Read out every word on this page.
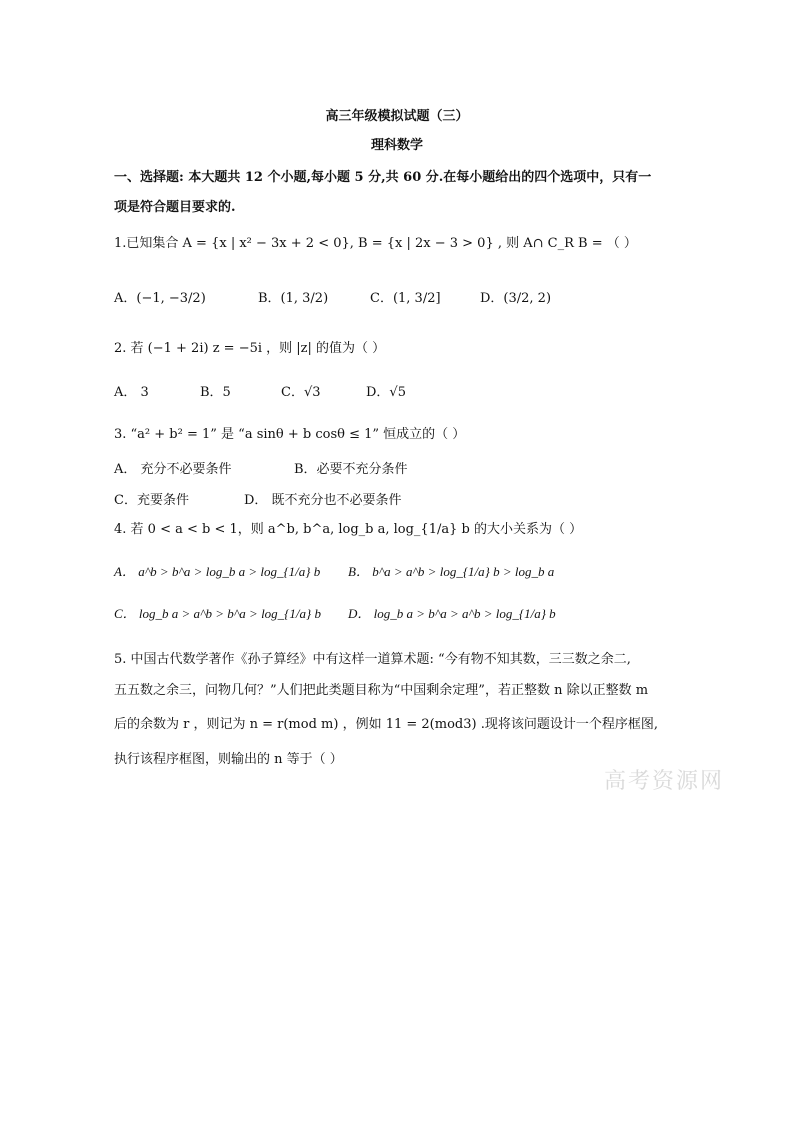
高三年级模拟试题（三）
理科数学
一、选择题: 本大题共 12 个小题,每小题 5 分,共 60 分.在每小题给出的四个选项中，只有一
项是符合题目要求的.
1.已知集合 A = {x | x² − 3x + 2 < 0}, B = {x | 2x − 3 > 0} , 则 A∩ C_R B = （ ）
A．(−1, −3/2)	B．(1, 3/2)	C．(1, 3/2]	D．(3/2, 2)
2. 若 (−1 + 2i) z = −5i ，则 |z| 的值为（ ）
A． 3	B．5	C．√3	D．√5
3. “a² + b² = 1” 是 “a sinθ + b cosθ ≤ 1” 恒成立的（ ）
A． 充分不必要条件	B．必要不充分条件
C．充要条件	D． 既不充分也不必要条件
4. 若 0 < a < b < 1，则 a^b, b^a, log_b a, log_{1/a} b 的大小关系为（ ）
A． a^b > b^a > log_b a > log_{1/a} b B． b^a > a^b > log_{1/a} b > log_b a
C． log_b a > a^b > b^a > log_{1/a} b D． log_b a > b^a > a^b > log_{1/a} b
5. 中国古代数学著作《孙子算经》中有这样一道算术题: “今有物不知其数，三三数之余二,
五五数之余三，问物几何？”人们把此类题目称为“中国剩余定理”，若正整数 n 除以正整数 m
后的余数为 r ，则记为 n = r(mod m) ，例如 11 = 2(mod3) .现将该问题设计一个程序框图,
执行该程序框图，则输出的 n 等于（ ）
高考资源网
